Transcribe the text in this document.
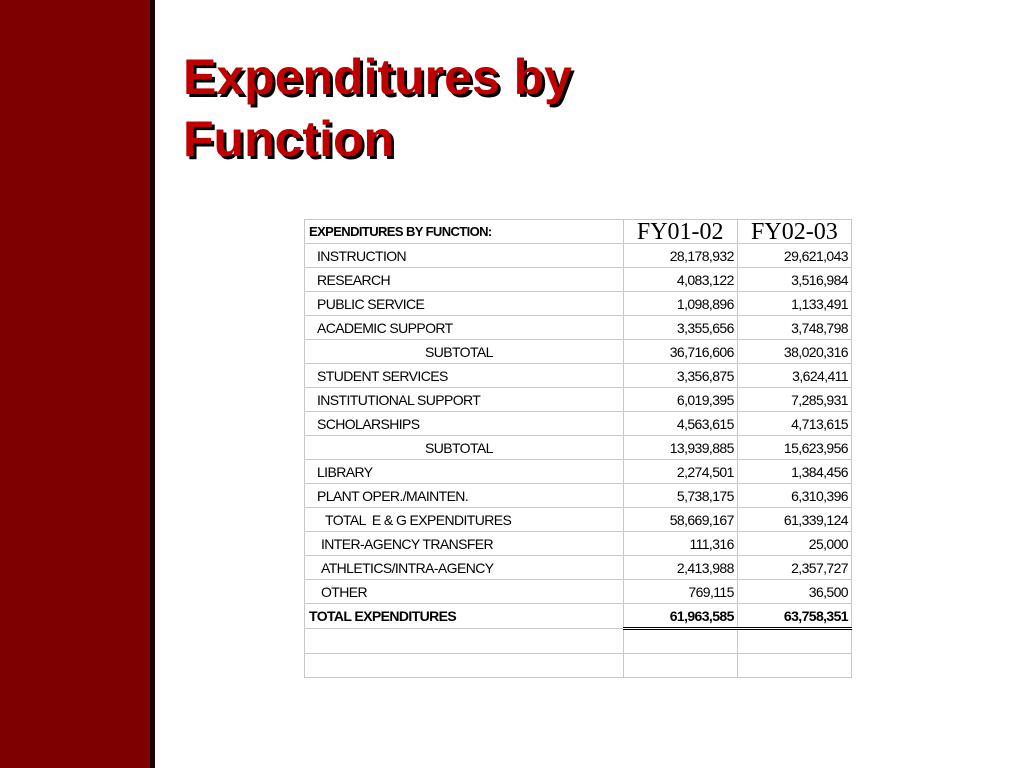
Expenditures by
Function
EXPENDITURES BY FUNCTION:	FY01-02	FY02-03
INSTRUCTION	28,178,932	29,621,043
RESEARCH	4,083,122	3,516,984
PUBLIC SERVICE	1,098,896	1,133,491
ACADEMIC SUPPORT	3,355,656	3,748,798
SUBTOTAL	36,716,606	38,020,316
STUDENT SERVICES	3,356,875	3,624,411
INSTITUTIONAL SUPPORT	6,019,395	7,285,931
SCHOLARSHIPS	4,563,615	4,713,615
SUBTOTAL	13,939,885	15,623,956
LIBRARY	2,274,501	1,384,456
PLANT OPER./MAINTEN.	5,738,175	6,310,396
TOTAL  E & G EXPENDITURES	58,669,167	61,339,124
INTER-AGENCY TRANSFER	111,316	25,000
ATHLETICS/INTRA-AGENCY	2,413,988	2,357,727
OTHER	769,115	36,500
TOTAL EXPENDITURES	61,963,585	63,758,351
